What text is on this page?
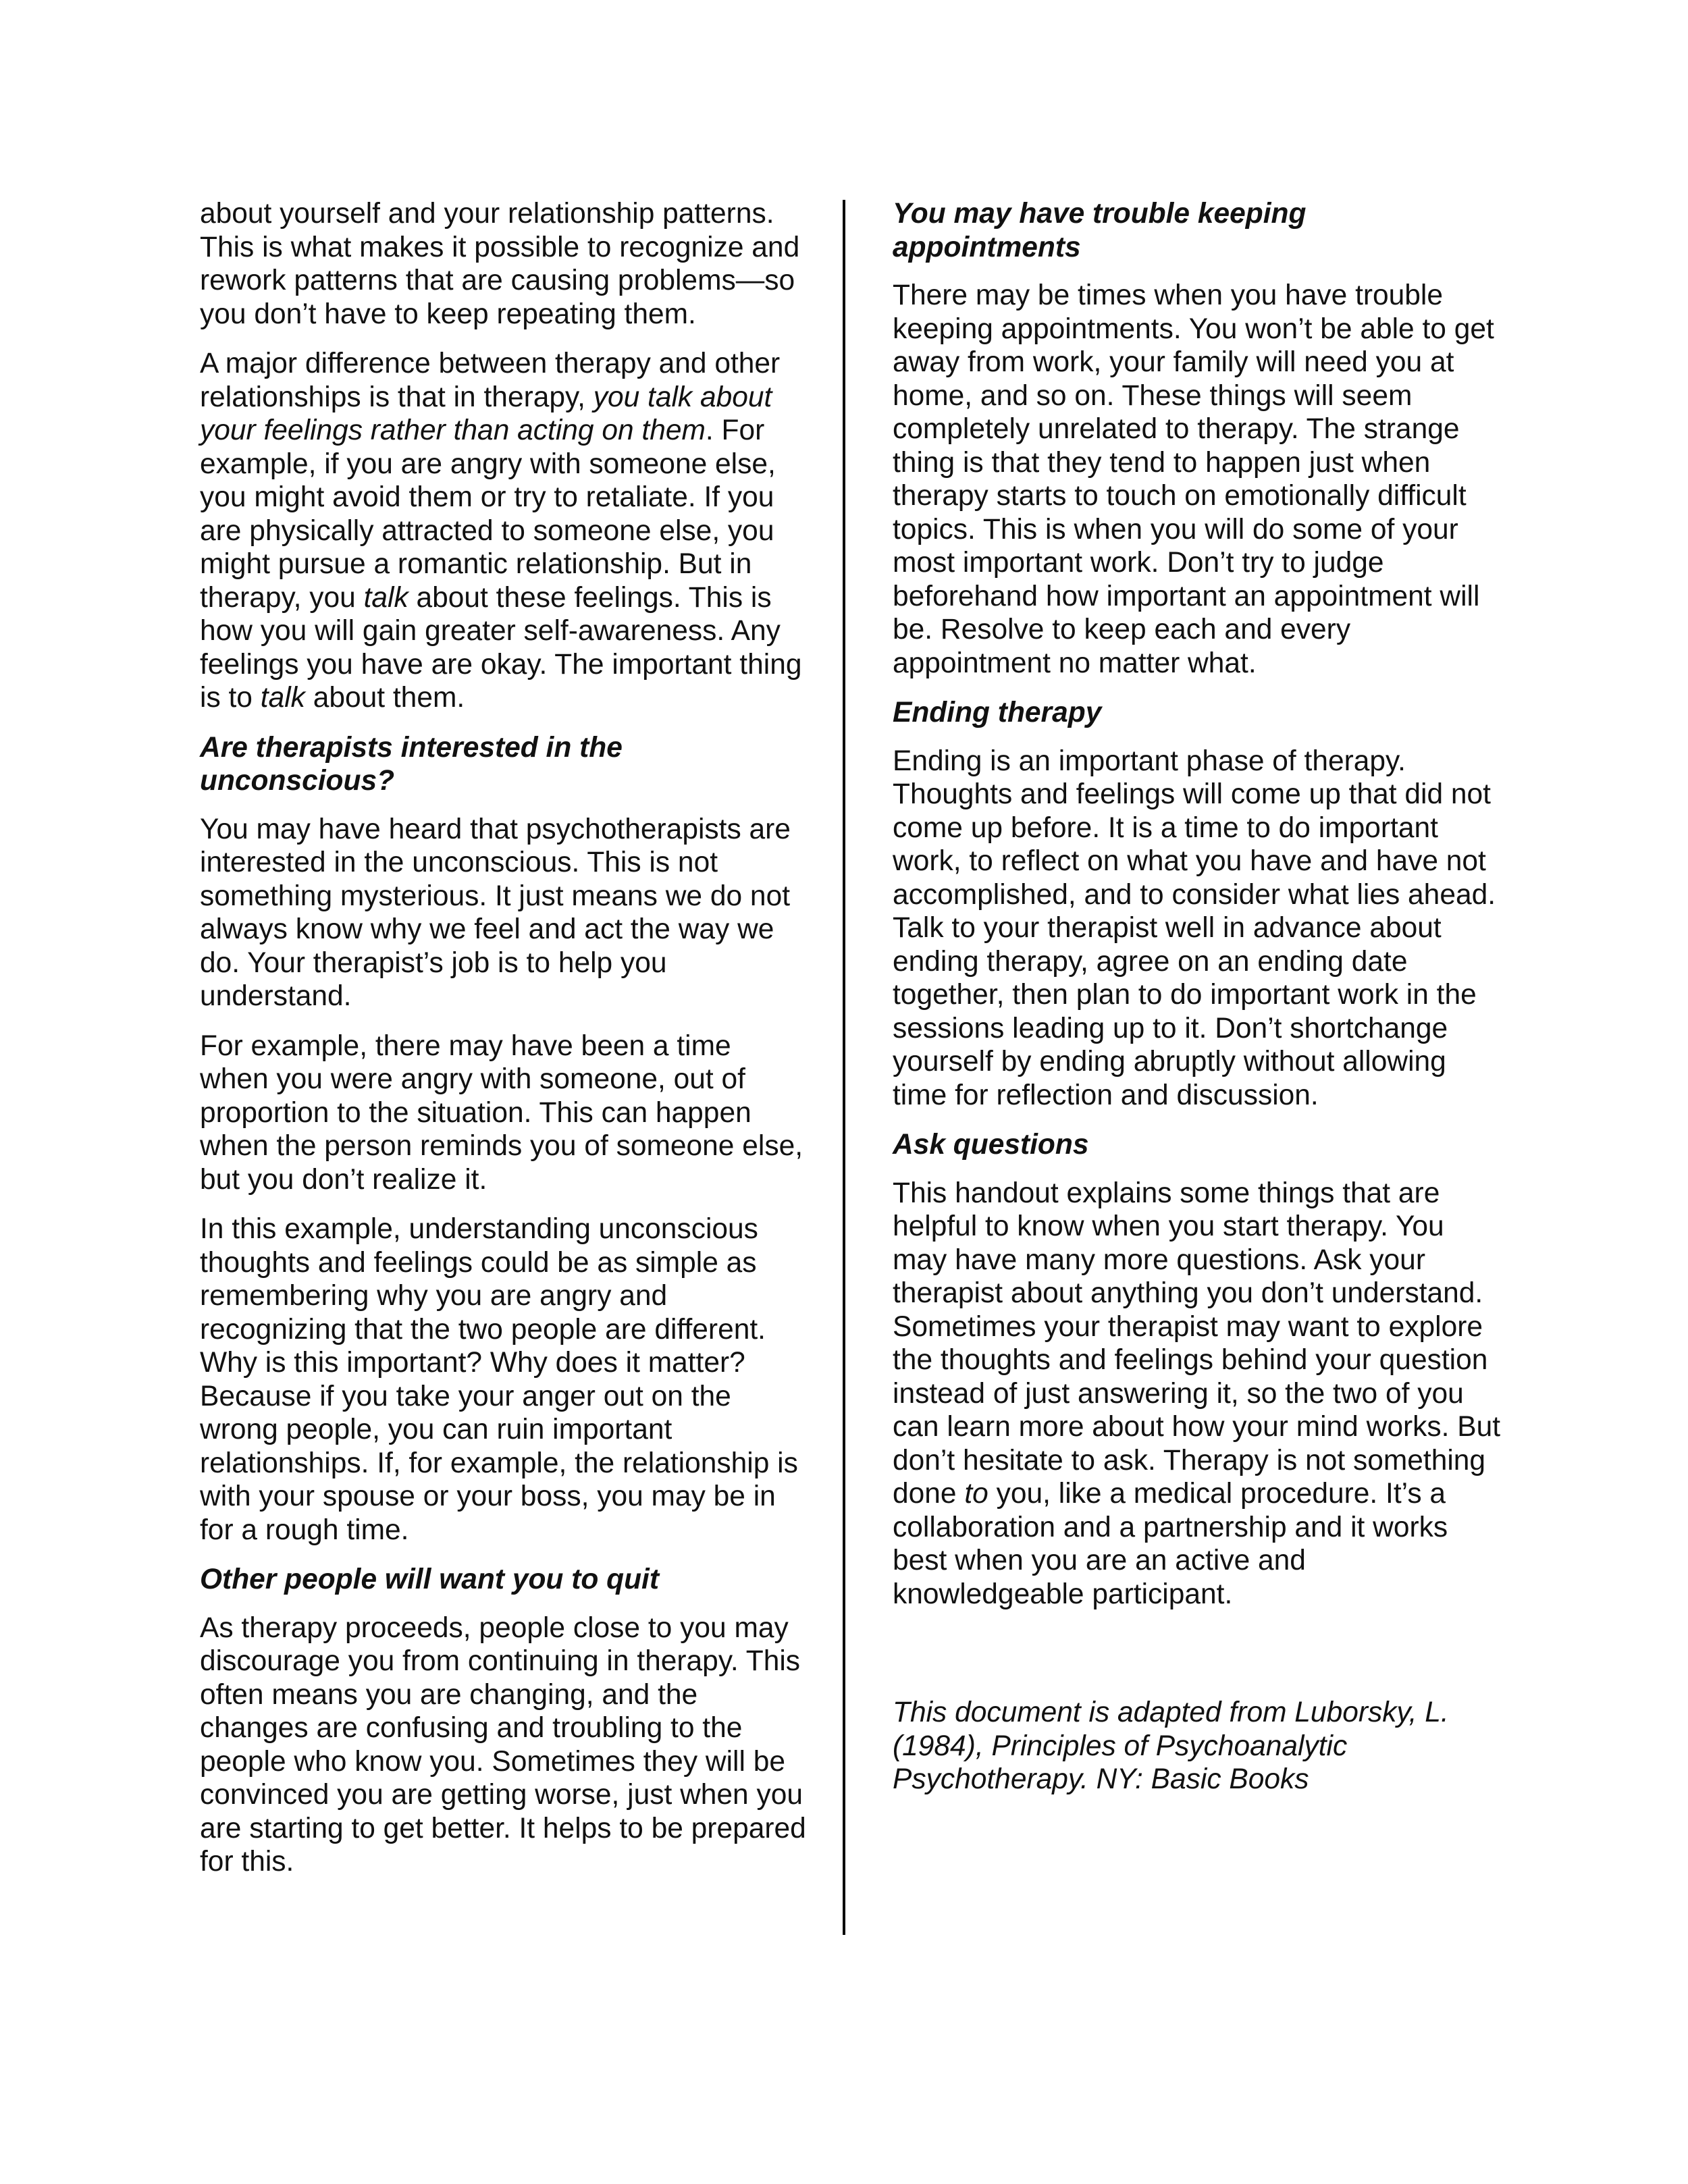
about yourself and your relationship patterns. This is what makes it possible to recognize and rework patterns that are causing problems—so you don’t have to keep repeating them.

A major difference between therapy and other relationships is that in therapy, you talk about your feelings rather than acting on them. For example, if you are angry with someone else, you might avoid them or try to retaliate. If you are physically attracted to someone else, you might pursue a romantic relationship. But in therapy, you talk about these feelings. This is how you will gain greater self-awareness. Any feelings you have are okay. The important thing is to talk about them.

Are therapists interested in the unconscious?

You may have heard that psychotherapists are interested in the unconscious. This is not something mysterious. It just means we do not always know why we feel and act the way we do. Your therapist’s job is to help you understand.

For example, there may have been a time when you were angry with someone, out of proportion to the situation. This can happen when the person reminds you of someone else, but you don’t realize it.

In this example, understanding unconscious thoughts and feelings could be as simple as remembering why you are angry and recognizing that the two people are different. Why is this important? Why does it matter? Because if you take your anger out on the wrong people, you can ruin important relationships. If, for example, the relationship is with your spouse or your boss, you may be in for a rough time.

Other people will want you to quit

As therapy proceeds, people close to you may discourage you from continuing in therapy. This often means you are changing, and the changes are confusing and troubling to the people who know you. Sometimes they will be convinced you are getting worse, just when you are starting to get better. It helps to be prepared for this.

You may have trouble keeping appointments

There may be times when you have trouble keeping appointments. You won’t be able to get away from work, your family will need you at home, and so on. These things will seem completely unrelated to therapy. The strange thing is that they tend to happen just when therapy starts to touch on emotionally difficult topics. This is when you will do some of your most important work. Don’t try to judge beforehand how important an appointment will be. Resolve to keep each and every appointment no matter what.

Ending therapy

Ending is an important phase of therapy. Thoughts and feelings will come up that did not come up before. It is a time to do important work, to reflect on what you have and have not accomplished, and to consider what lies ahead. Talk to your therapist well in advance about ending therapy, agree on an ending date together, then plan to do important work in the sessions leading up to it. Don’t shortchange yourself by ending abruptly without allowing time for reflection and discussion.

Ask questions

This handout explains some things that are helpful to know when you start therapy. You may have many more questions. Ask your therapist about anything you don’t understand. Sometimes your therapist may want to explore the thoughts and feelings behind your question instead of just answering it, so the two of you can learn more about how your mind works. But don’t hesitate to ask. Therapy is not something done to you, like a medical procedure. It’s a collaboration and a partnership and it works best when you are an active and knowledgeable participant.

This document is adapted from Luborsky, L. (1984), Principles of Psychoanalytic Psychotherapy. NY: Basic Books
